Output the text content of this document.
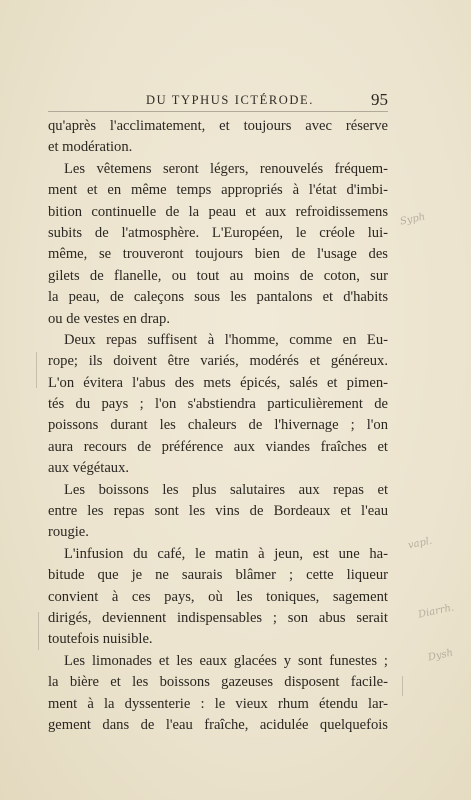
DU TYPHUS ICTÉRODE.	95
qu'après l'acclimatement, et toujours avec réserve
et modération.
Les vêtemens seront légers, renouvelés fréquem-
ment et en même temps appropriés à l'état d'imbi-
bition continuelle de la peau et aux refroidissemens
subits de l'atmosphère. L'Européen, le créole lui-
même, se trouveront toujours bien de l'usage des
gilets de flanelle, ou tout au moins de coton, sur
la peau, de caleçons sous les pantalons et d'habits
ou de vestes en drap.
Deux repas suffisent à l'homme, comme en Eu-
rope; ils doivent être variés, modérés et généreux.
L'on évitera l'abus des mets épicés, salés et pimen-
tés du pays ; l'on s'abstiendra particulièrement de
poissons durant les chaleurs de l'hivernage ; l'on
aura recours de préférence aux viandes fraîches et
aux végétaux.
Les boissons les plus salutaires aux repas et
entre les repas sont les vins de Bordeaux et l'eau
rougie.
L'infusion du café, le matin à jeun, est une ha-
bitude que je ne saurais blâmer ; cette liqueur
convient à ces pays, où les toniques, sagement
dirigés, deviennent indispensables ; son abus serait
toutefois nuisible.
Les limonades et les eaux glacées y sont funestes ;
la bière et les boissons gazeuses disposent facile-
ment à la dyssenterie : le vieux rhum étendu lar-
gement dans de l'eau fraîche, acidulée quelquefois
Syph
vapl.
Diarrh.
Dysh
